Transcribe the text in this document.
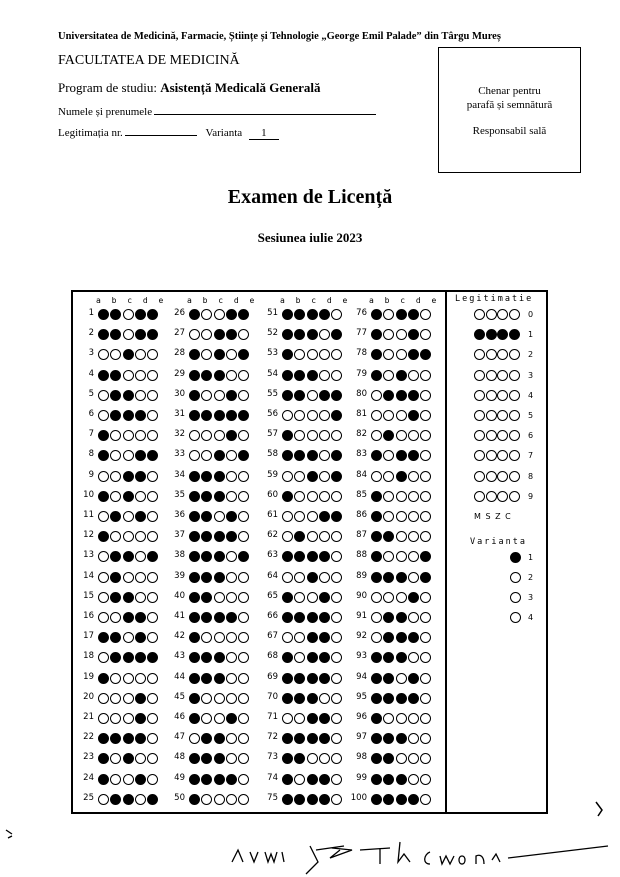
Universitatea de Medicină, Farmacie, Științe și Tehnologie „George Emil Palade” din Târgu Mureș
FACULTATEA DE MEDICINĂ
Program de studiu: Asistență Medicală Generală
Numele și prenumele
Legitimația nr.	Varianta 1
Chenar pentru
parafă și semnătură
Responsabil sală
Examen de Licență
Sesiunea iulie 2023
a b c d e
1
2
3
4
5
6
7
8
9
10
11
12
13
14
15
16
17
18
19
20
21
22
23
24
25
a b c d e
26
27
28
29
30
31
32
33
34
35
36
37
38
39
40
41
42
43
44
45
46
47
48
49
50
a b c d e
51
52
53
54
55
56
57
58
59
60
61
62
63
64
65
66
67
68
69
70
71
72
73
74
75
a b c d e
76
77
78
79
80
81
82
83
84
85
86
87
88
89
90
91
92
93
94
95
96
97
98
99
100
Legitimatie
0
1
2
3
4
5
6
7
8
9
M S Z C
Varianta
1
2
3
4
